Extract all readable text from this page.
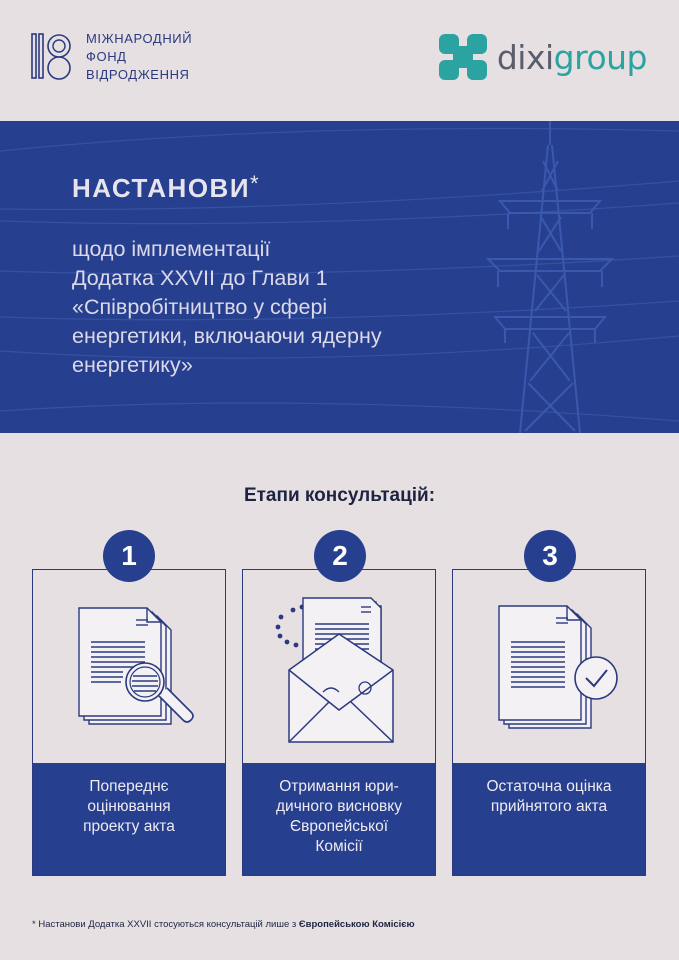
МІЖНАРОДНИЙ
ФОНД
ВІДРОДЖЕННЯ	dixigroup
НАСТАНОВИ*
щодо імплементації
Додатка XXVII до Глави 1
«Співробітництво у сфері
енергетики, включаючи ядерну
енергетику»
Етапи консультацій:
Попереднє
оцінювання
проекту акта
1
Отримання юри-
дичного висновку
Європейської
Комісії
2
Остаточна оцінка
прийнятого акта
3
* Настанови Додатка XXVII стосуються консультацій лише з Європейською Комісією
